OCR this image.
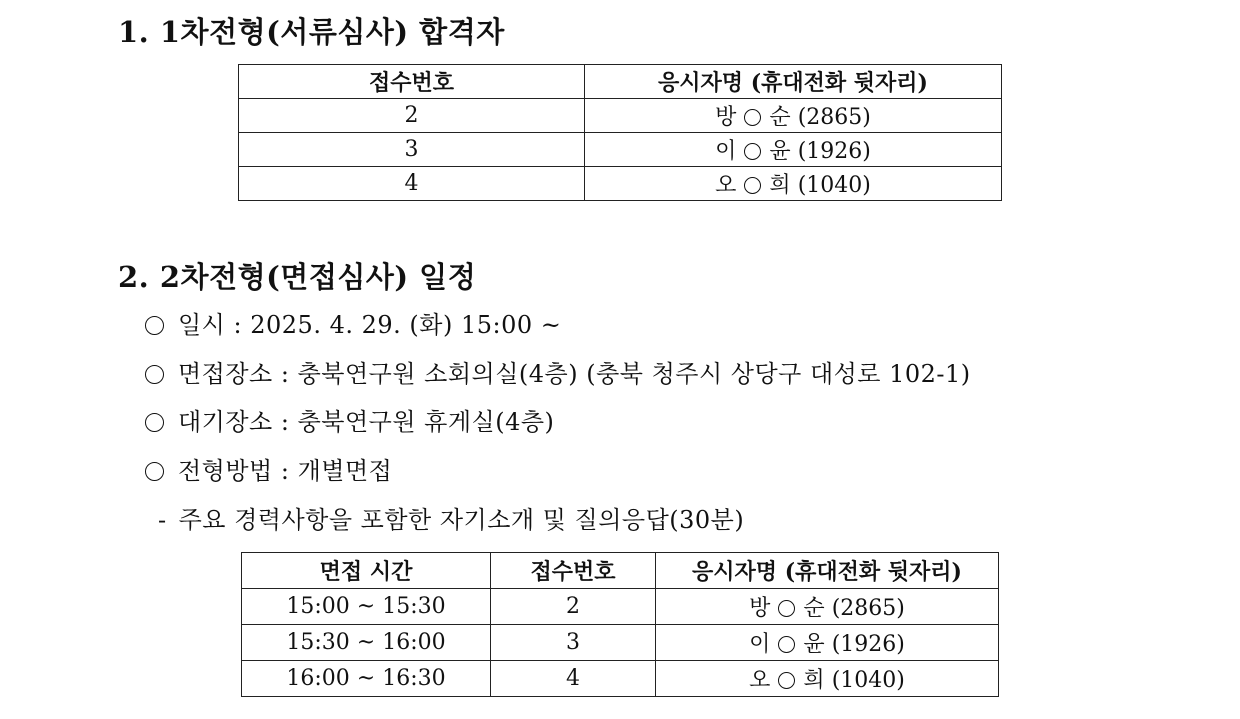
1. 1차전형(서류심사) 합격자
접수번호	응시자명 (휴대전화 뒷자리)
2	방 순 (2865)
3	이 윤 (1926)
4	오 희 (1040)
2. 2차전형(면접심사) 일정
일시 : 2025. 4. 29. (화) 15:00 ~
면접장소 : 충북연구원 소회의실(4층) (충북 청주시 상당구 대성로 102-1)
대기장소 : 충북연구원 휴게실(4층)
전형방법 : 개별면접
- 주요 경력사항을 포함한 자기소개 및 질의응답(30분)
면접 시간	접수번호	응시자명 (휴대전화 뒷자리)
15:00 ~ 15:30	2	방 순 (2865)
15:30 ~ 16:00	3	이 윤 (1926)
16:00 ~ 16:30	4	오 희 (1040)
